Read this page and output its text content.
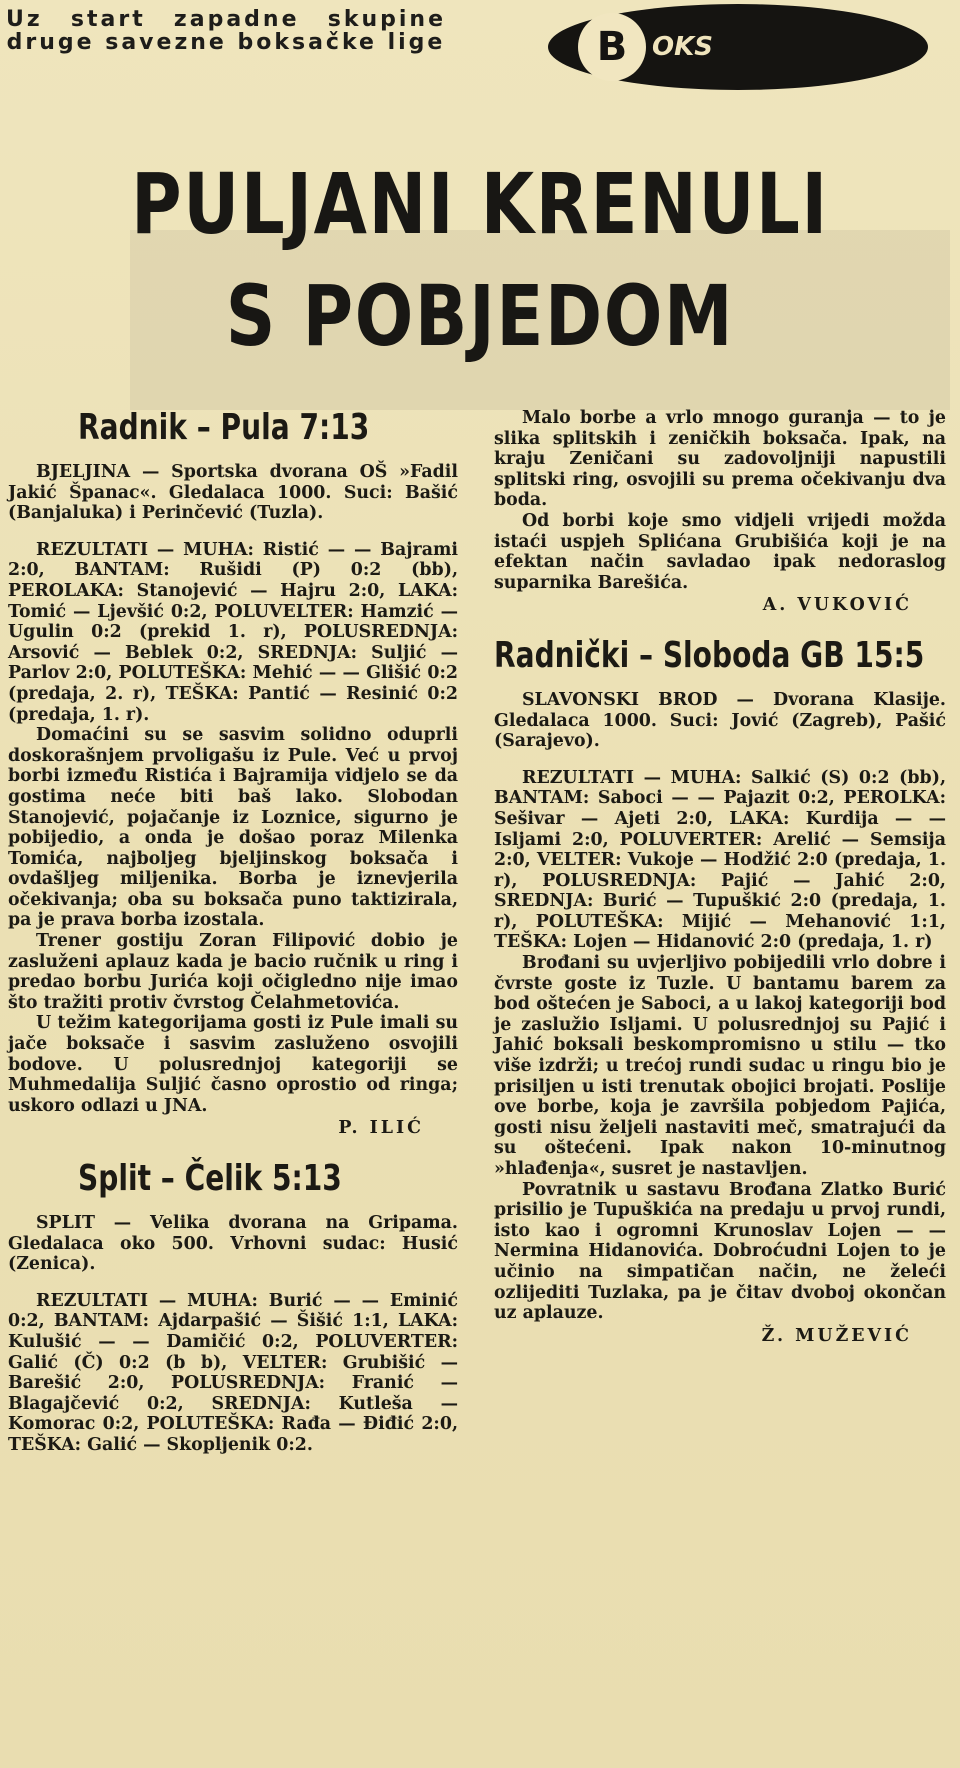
Uz start zapadne skupine druge savezne boksačke lige	B OKS
PULJANI KRENULI
S POBJEDOM
Radnik – Pula 7:13

BJELJINA — Sportska dvorana OŠ »Fadil Jakić Španac«. Gledalaca 1000. Suci: Bašić (Banjaluka) i Perinčević (Tuzla).

REZULTATI — MUHA: Ristić — — Bajrami 2:0, BANTAM: Rušidi (P) 0:2 (bb), PEROLAKA: Stanojević — Hajru 2:0, LAKA: Tomić — Ljevšić 0:2, POLUVELTER: Hamzić — Ugulin 0:2 (prekid 1. r), POLUSREDNJA: Arsović — Beblek 0:2, SREDNJA: Suljić — Parlov 2:0, POLUTEŠKA: Mehić — — Glišić 0:2 (predaja, 2. r), TEŠKA: Pantić — Resinić 0:2 (predaja, 1. r).

Domaćini su se sasvim solidno oduprli doskorašnjem prvoligašu iz Pule. Već u prvoj borbi između Ristića i Bajramija vidjelo se da gostima neće biti baš lako. Slobodan Stanojević, pojačanje iz Loznice, sigurno je pobijedio, a onda je došao poraz Milenka Tomića, najboljeg bjeljinskog boksača i ovdašljeg miljenika. Borba je iznevjerila očekivanja; oba su boksača puno taktizirala, pa je prava borba izostala.

Trener gostiju Zoran Filipović dobio je zasluženi aplauz kada je bacio ručnik u ring i predao borbu Jurića koji očigledno nije imao što tražiti protiv čvrstog Čelahmetovića.

U težim kategorijama gosti iz Pule imali su jače boksače i sasvim zasluženo osvojili bodove. U polusrednjoj kategoriji se Muhmedalija Suljić časno oprostio od ringa; uskoro odlazi u JNA.

P. ILIĆ
Split – Čelik 5:13

SPLIT — Velika dvorana na Gripama. Gledalaca oko 500. Vrhovni sudac: Husić (Zenica).

REZULTATI — MUHA: Burić — — Eminić 0:2, BANTAM: Ajdarpašić — Šišić 1:1, LAKA: Kulušić — — Damičić 0:2, POLUVERTER: Galić (Č) 0:2 (b b), VELTER: Grubišić — Barešić 2:0, POLUSREDNJA: Franić — Blagajčević 0:2, SREDNJA: Kutleša — Komorac 0:2, POLUTEŠKA: Rađa — Điđić 2:0, TEŠKA: Galić — Skopljenik 0:2.

Malo borbe a vrlo mnogo guranja — to je slika splitskih i zeničkih boksača. Ipak, na kraju Zeničani su zadovoljniji napustili splitski ring, osvojili su prema očekivanju dva boda.

Od borbi koje smo vidjeli vrijedi možda istaći uspjeh Splićana Grubišića koji je na efektan način savladao ipak nedoraslog suparnika Barešića.

A. VUKOVIĆ
Radnički – Sloboda GB 15:5

SLAVONSKI BROD — Dvorana Klasije. Gledalaca 1000. Suci: Jović (Zagreb), Pašić (Sarajevo).

REZULTATI — MUHA: Salkić (S) 0:2 (bb), BANTAM: Saboci — — Pajazit 0:2, PEROLKA: Sešivar — Ajeti 2:0, LAKA: Kurdija — — Isljami 2:0, POLUVERTER: Arelić — Semsija 2:0, VELTER: Vukoje — Hodžić 2:0 (predaja, 1. r), POLUSREDNJA: Pajić — Jahić 2:0, SREDNJA: Burić — Tupuškić 2:0 (predaja, 1. r), POLUTEŠKA: Mijić — Mehanović 1:1, TEŠKA: Lojen — Hidanović 2:0 (predaja, 1. r)

Brođani su uvjerljivo pobijedili vrlo dobre i čvrste goste iz Tuzle. U bantamu barem za bod oštećen je Saboci, a u lakoj kategoriji bod je zaslužio Isljami. U polusrednjoj su Pajić i Jahić boksali beskompromisno u stilu — tko više izdrži; u trećoj rundi sudac u ringu bio je prisiljen u isti trenutak obojici brojati. Poslije ove borbe, koja je završila pobjedom Pajića, gosti nisu željeli nastaviti meč, smatrajući da su oštećeni. Ipak nakon 10-minutnog »hlađenja«, susret je nastavljen.

Povratnik u sastavu Brođana Zlatko Burić prisilio je Tupuškića na predaju u prvoj rundi, isto kao i ogromni Krunoslav Lojen — — Nermina Hidanovića. Dobroćudni Lojen to je učinio na simpatičan način, ne želeći ozlijediti Tuzlaka, pa je čitav dvoboj okončan uz aplauze.

Ž. MUŽEVIĆ
